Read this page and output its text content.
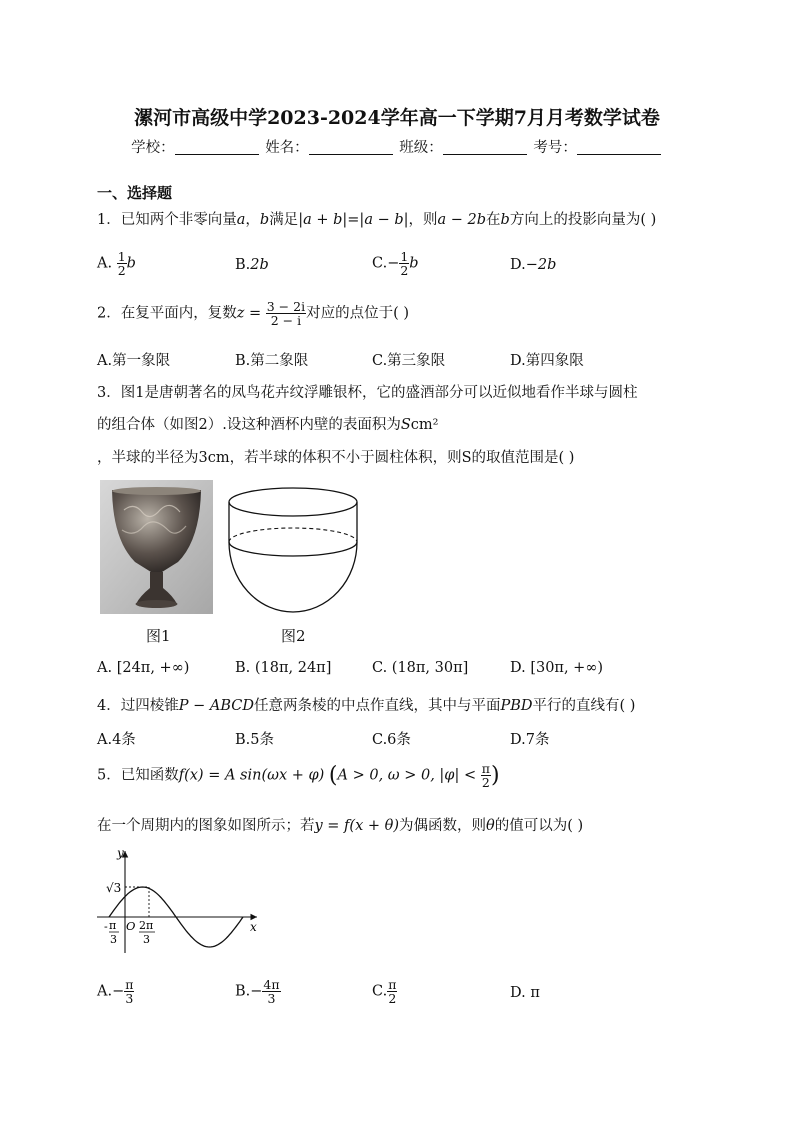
漯河市高级中学2023-2024学年高一下学期7月月考数学试卷
学校：	姓名：	班级：	考号：
一、选择题
1．已知两个非零向量a，b满足|a + b|=|a − b|，则a − 2b在b方向上的投影向量为( )
A. $\frac{1}{2}$ b	B.2b	$C.- \frac{1}{2}$ b	D.−2b
2．在复平面内，复数$z = \frac{3 - 2i}{2 - i}$ 对应的点位于( )
A.第一象限	B.第二象限	C.第三象限	D.第四象限
3．图1是唐朝著名的凤鸟花卉纹浮雕银杯，它的盛酒部分可以近似地看作半球与圆柱
的组合体（如图2）.设这种酒杯内壁的表面积为Scm²
，半球的半径为3cm，若半球的体积不小于圆柱体积，则S的取值范围是( )
图1	图2
A. [24π, +∞)	B. (18π, 24π]	C. (18π, 30π]	D. [30π, +∞)
4．过四棱锥P − ABCD任意两条棱的中点作直线，其中与平面PBD平行的直线有( )
A.4条	B.5条	C.6条	D.7条
5．已知函数f(x) = A sin(ωx + φ) (A > 0, ω > 0, $|\varphi| < \frac{\pi}{2}$ )
在一个周期内的图象如图所示；若y = f(x + θ)为偶函数，则θ的值可以为( )
y
x
√3
O
- π
3
2π
3
$A.- \frac{\pi}{3}$	$B.- \frac{4\pi}{3}$	C. $\frac{\pi}{2}$	D. π
